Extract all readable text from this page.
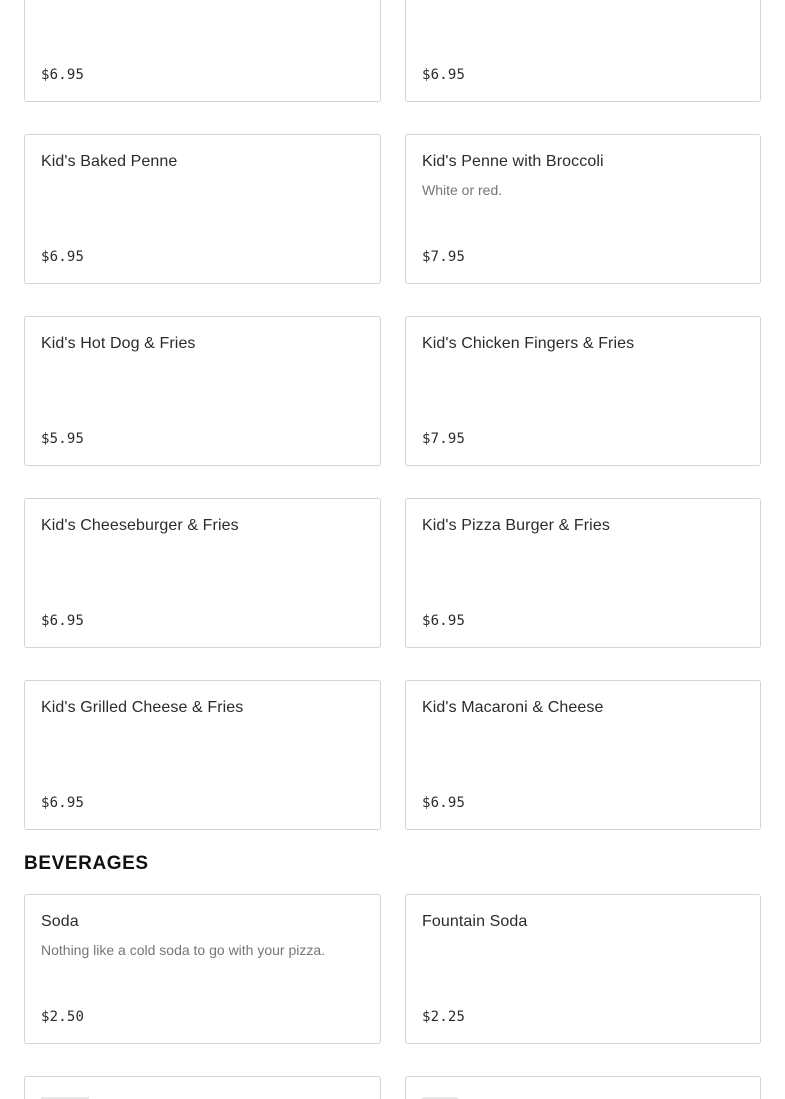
$6.95	$6.95
Kid's Baked Penne
$6.95
Kid's Penne with Broccoli
White or red.
$7.95
Kid's Hot Dog & Fries
$5.95
Kid's Chicken Fingers & Fries
$7.95
Kid's Cheeseburger & Fries
$6.95
Kid's Pizza Burger & Fries
$6.95
Kid's Grilled Cheese & Fries
$6.95
Kid's Macaroni & Cheese
$6.95
BEVERAGES
Soda
Nothing like a cold soda to go with your pizza.
$2.50
Fountain Soda
$2.25
